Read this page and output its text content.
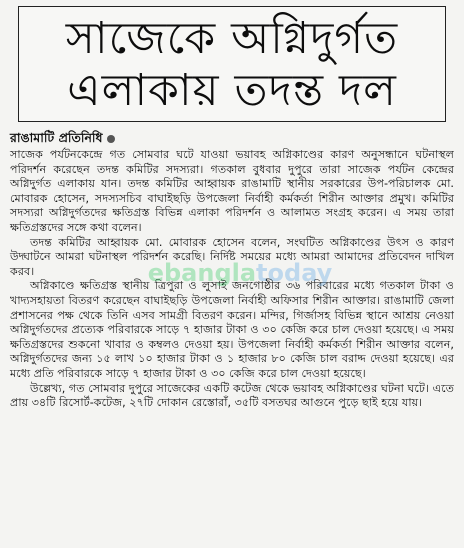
সাজেকে অগ্নিদুর্গত
এলাকায় তদন্ত দল
রাঙামাটি প্রতিনিধি

সাজেক পর্যটনকেন্দ্রে গত সোমবার ঘটে যাওয়া ভয়াবহ অগ্নিকাণ্ডের কারণ অনুসন্ধানে ঘটনাস্থল পরিদর্শন করেছেন তদন্ত কমিটির সদস্যরা। গতকাল বুধবার দুপুরে তারা সাজেক পর্যটন কেন্দ্রের অগ্নিদুর্গত এলাকায় যান। তদন্ত কমিটির আহ্বায়ক রাঙামাটি স্থানীয় সরকারের উপ-পরিচালক মো. মোবারক হোসেন, সদস্যসচিব বাঘাইছড়ি উপজেলা নির্বাহী কর্মকর্তা শিরীন আক্তার প্রমুখ। কমিটির সদস্যরা অগ্নিদুর্গতদের ক্ষতিগ্রস্ত বিভিন্ন এলাকা পরিদর্শন ও আলামত সংগ্রহ করেন। এ সময় তারা ক্ষতিগ্রস্তদের সঙ্গে কথা বলেন।

তদন্ত কমিটির আহ্বায়ক মো. মোবারক হোসেন বলেন, সংঘটিত অগ্নিকাণ্ডের উৎস ও কারণ উদ্ঘাটনে আমরা ঘটনাস্থল পরিদর্শন করেছি। নির্দিষ্ট সময়ের মধ্যে আমরা আমাদের প্রতিবেদন দাখিল করব।

অগ্নিকাণ্ডে ক্ষতিগ্রস্ত স্থানীয় ত্রিপুরা ও লুসাই জনগোষ্ঠীর ৩৬ পরিবারের মধ্যে গতকাল টাকা ও খাদ্যসহায়তা বিতরণ করেছেন বাঘাইছড়ি উপজেলা নির্বাহী অফিসার শিরীন আক্তার। রাঙামাটি জেলা প্রশাসনের পক্ষ থেকে তিনি এসব সামগ্রী বিতরণ করেন। মন্দির, গির্জাসহ বিভিন্ন স্থানে আশ্রয় নেওয়া অগ্নিদুর্গতদের প্রত্যেক পরিবারকে সাড়ে ৭ হাজার টাকা ও ৩০ কেজি করে চাল দেওয়া হয়েছে। এ সময় ক্ষতিগ্রস্তদের শুকনো খাবার ও কম্বলও দেওয়া হয়। উপজেলা নির্বাহী কর্মকর্তা শিরীন আক্তার বলেন, অগ্নিদুর্গতদের জন্য ১৫ লাখ ১০ হাজার টাকা ও ১ হাজার ৮০ কেজি চাল বরাদ্দ দেওয়া হয়েছে। এর মধ্যে প্রতি পরিবারকে সাড়ে ৭ হাজার টাকা ও ৩০ কেজি করে চাল দেওয়া হয়েছে।

উল্লেখ্য, গত সোমবার দুপুরে সাজেকের একটি কটেজ থেকে ভয়াবহ অগ্নিকাণ্ডের ঘটনা ঘটে। এতে প্রায় ৩৪টি রিসোর্ট-কটেজ, ২৭টি দোকান রেস্তোরাঁ, ৩৫টি বসতঘর আগুনে পুড়ে ছাই হয়ে যায়।

ebanglatoday
